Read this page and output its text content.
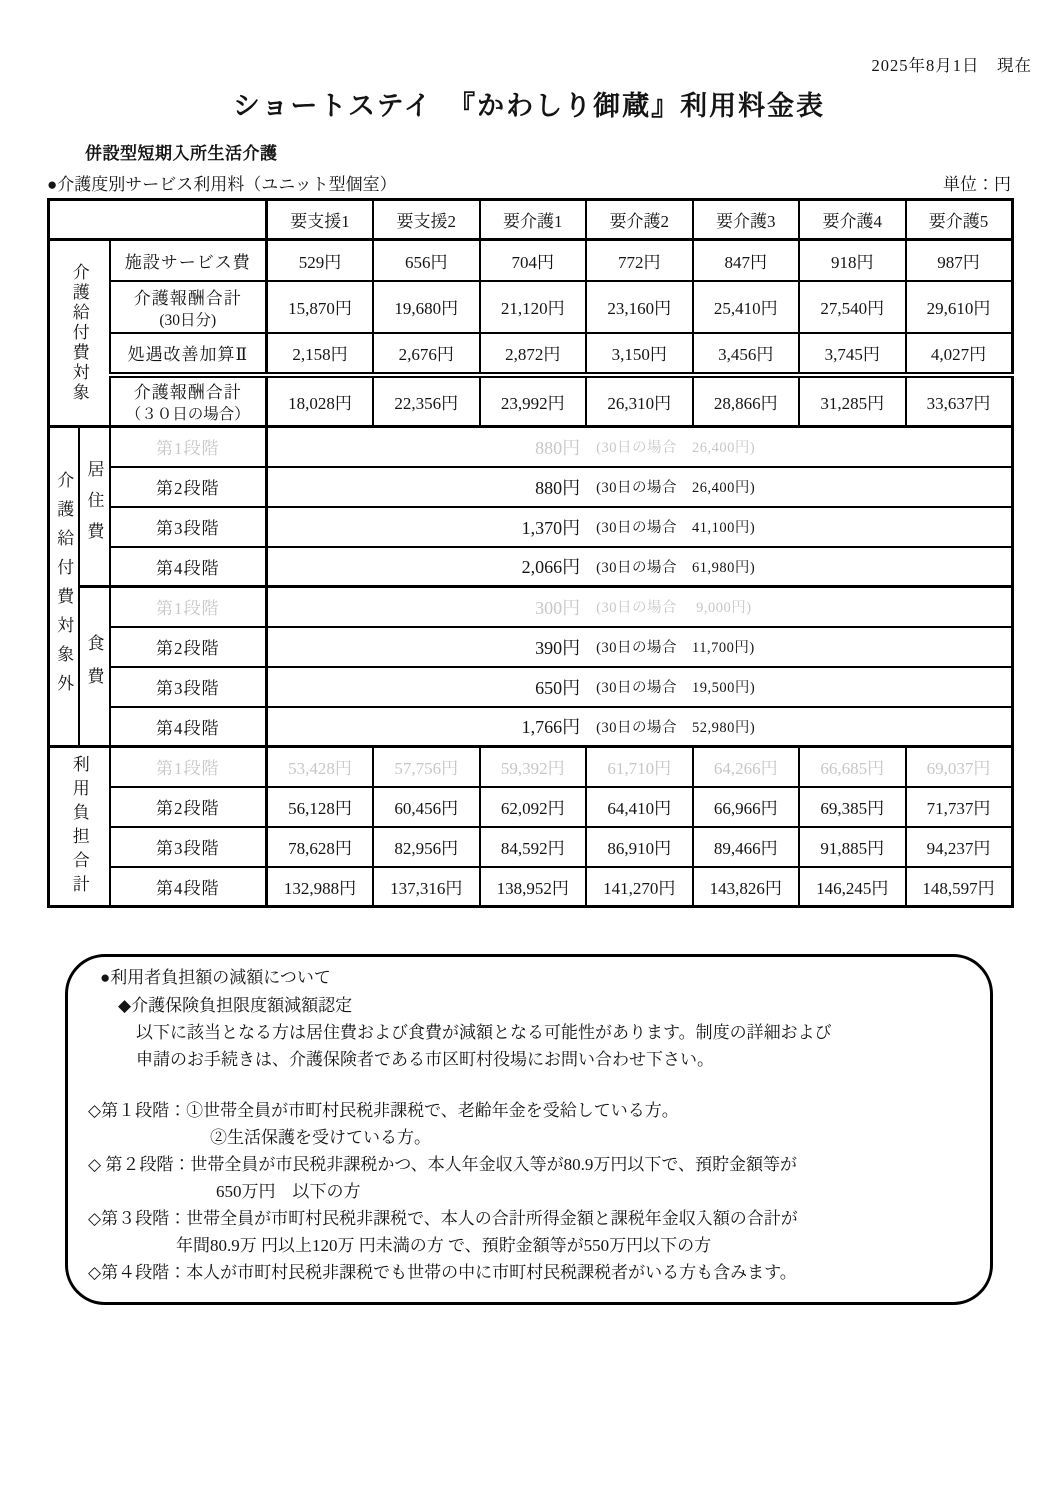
2025年8月1日　現在
ショートステイ　『かわしり御蔵』利用料金表
併設型短期入所生活介護
●介護度別サービス利用料（ユニット型個室）	単位：円
			要支援1	要支援2	要介護1	要介護2	要介護3	要介護4	要介護5
介護給付費対象		施設サービス費	529円	656円	704円	772円	847円	918円	987円
		介護報酬合計
(30日分)	15,870円	19,680円	21,120円	23,160円	25,410円	27,540円	29,610円
		処遇改善加算Ⅱ	2,158円	2,676円	2,872円	3,150円	3,456円	3,745円	4,027円
		介護報酬合計
（３０日の場合）	18,028円	22,356円	23,992円	26,310円	28,866円	31,285円	33,637円
介護給付費対象外	居住費	第1段階	880円 (30日の場合　26,400円)						

		第2段階	880円 (30日の場合　26,400円)						

		第3段階	1,370円 (30日の場合　41,100円)						

		第4段階	2,066円 (30日の場合　61,980円)						

	食費	第1段階	300円 (30日の場合　 9,000円)						

		第2段階	390円 (30日の場合　11,700円)						

		第3段階	650円 (30日の場合　19,500円)						

		第4段階	1,766円 (30日の場合　52,980円)						

利用負担合計		第1段階	53,428円	57,756円	59,392円	61,710円	64,266円	66,685円	69,037円
		第2段階	56,128円	60,456円	62,092円	64,410円	66,966円	69,385円	71,737円
		第3段階	78,628円	82,956円	84,592円	86,910円	89,466円	91,885円	94,237円
		第4段階	132,988円	137,316円	138,952円	141,270円	143,826円	146,245円	148,597円
●利用者負担額の減額について
◆介護保険負担限度額減額認定
以下に該当となる方は居住費および食費が減額となる可能性があります。制度の詳細および
申請のお手続きは、介護保険者である市区町村役場にお問い合わせ下さい。
◇第１段階：①世帯全員が市町村民税非課税で、老齢年金を受給している方。
②生活保護を受けている方。
◇ 第２段階：世帯全員が市民税非課税かつ、本人年金収入等が80.9万円以下で、預貯金額等が
650万円　以下の方
◇第３段階：世帯全員が市町村民税非課税で、本人の合計所得金額と課税年金収入額の合計が
年間80.9万 円以上120万 円未満の方 で、預貯金額等が550万円以下の方
◇第４段階：本人が市町村民税非課税でも世帯の中に市町村民税課税者がいる方も含みます。
